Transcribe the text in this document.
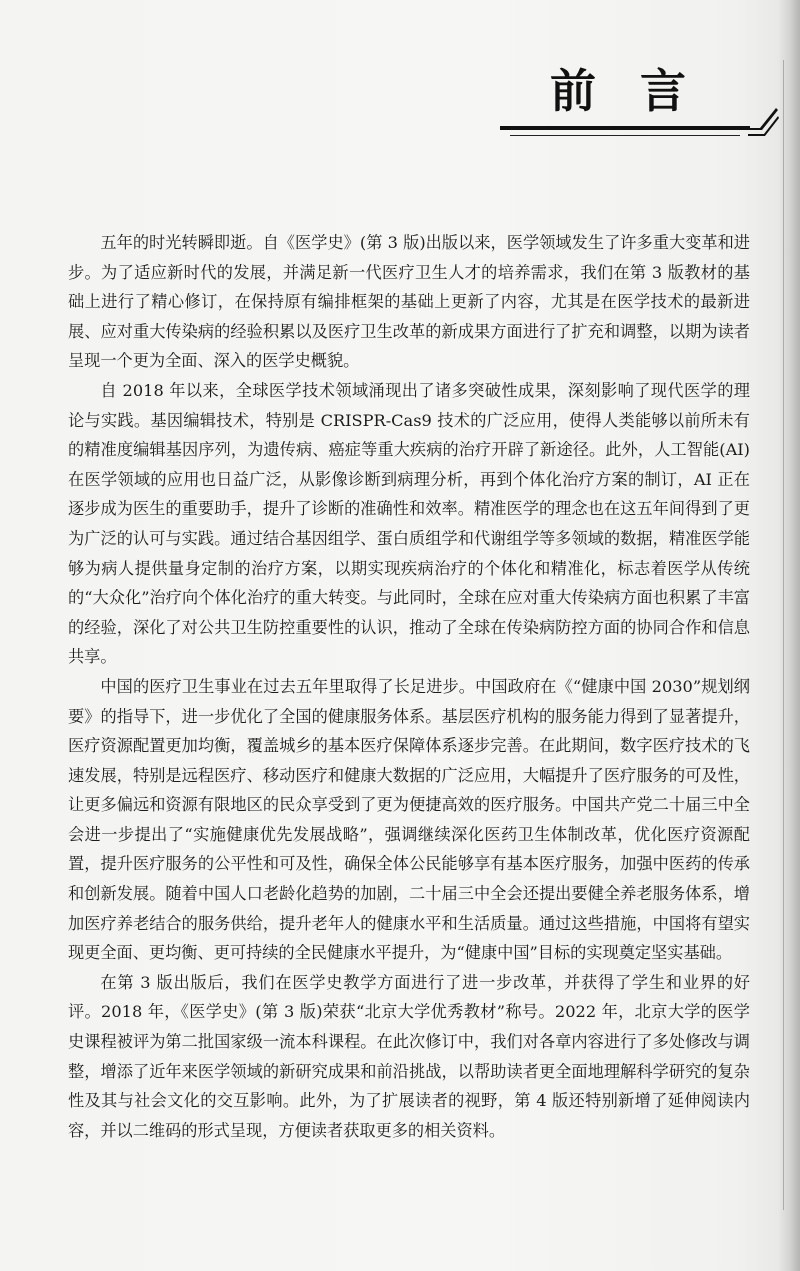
前言

五年的时光转瞬即逝。自《医学史》(第 3 版)出版以来，医学领域发生了许多重大变革和进步。为了适应新时代的发展，并满足新一代医疗卫生人才的培养需求，我们在第 3 版教材的基础上进行了精心修订，在保持原有编排框架的基础上更新了内容，尤其是在医学技术的最新进展、应对重大传染病的经验积累以及医疗卫生改革的新成果方面进行了扩充和调整，以期为读者呈现一个更为全面、深入的医学史概貌。

自 2018 年以来，全球医学技术领域涌现出了诸多突破性成果，深刻影响了现代医学的理论与实践。基因编辑技术，特别是 CRISPR-Cas9 技术的广泛应用，使得人类能够以前所未有的精准度编辑基因序列，为遗传病、癌症等重大疾病的治疗开辟了新途径。此外，人工智能(AI)在医学领域的应用也日益广泛，从影像诊断到病理分析，再到个体化治疗方案的制订，AI 正在逐步成为医生的重要助手，提升了诊断的准确性和效率。精准医学的理念也在这五年间得到了更为广泛的认可与实践。通过结合基因组学、蛋白质组学和代谢组学等多领域的数据，精准医学能够为病人提供量身定制的治疗方案，以期实现疾病治疗的个体化和精准化，标志着医学从传统的“大众化”治疗向个体化治疗的重大转变。与此同时，全球在应对重大传染病方面也积累了丰富的经验，深化了对公共卫生防控重要性的认识，推动了全球在传染病防控方面的协同合作和信息共享。

中国的医疗卫生事业在过去五年里取得了长足进步。中国政府在《“健康中国 2030”规划纲要》的指导下，进一步优化了全国的健康服务体系。基层医疗机构的服务能力得到了显著提升，医疗资源配置更加均衡，覆盖城乡的基本医疗保障体系逐步完善。在此期间，数字医疗技术的飞速发展，特别是远程医疗、移动医疗和健康大数据的广泛应用，大幅提升了医疗服务的可及性，让更多偏远和资源有限地区的民众享受到了更为便捷高效的医疗服务。中国共产党二十届三中全会进一步提出了“实施健康优先发展战略”，强调继续深化医药卫生体制改革，优化医疗资源配置，提升医疗服务的公平性和可及性，确保全体公民能够享有基本医疗服务，加强中医药的传承和创新发展。随着中国人口老龄化趋势的加剧，二十届三中全会还提出要健全养老服务体系，增加医疗养老结合的服务供给，提升老年人的健康水平和生活质量。通过这些措施，中国将有望实现更全面、更均衡、更可持续的全民健康水平提升，为“健康中国”目标的实现奠定坚实基础。

在第 3 版出版后，我们在医学史教学方面进行了进一步改革，并获得了学生和业界的好评。2018 年，《医学史》(第 3 版)荣获“北京大学优秀教材”称号。2022 年，北京大学的医学史课程被评为第二批国家级一流本科课程。在此次修订中，我们对各章内容进行了多处修改与调整，增添了近年来医学领域的新研究成果和前沿挑战，以帮助读者更全面地理解科学研究的复杂性及其与社会文化的交互影响。此外，为了扩展读者的视野，第 4 版还特别新增了延伸阅读内容，并以二维码的形式呈现，方便读者获取更多的相关资料。
